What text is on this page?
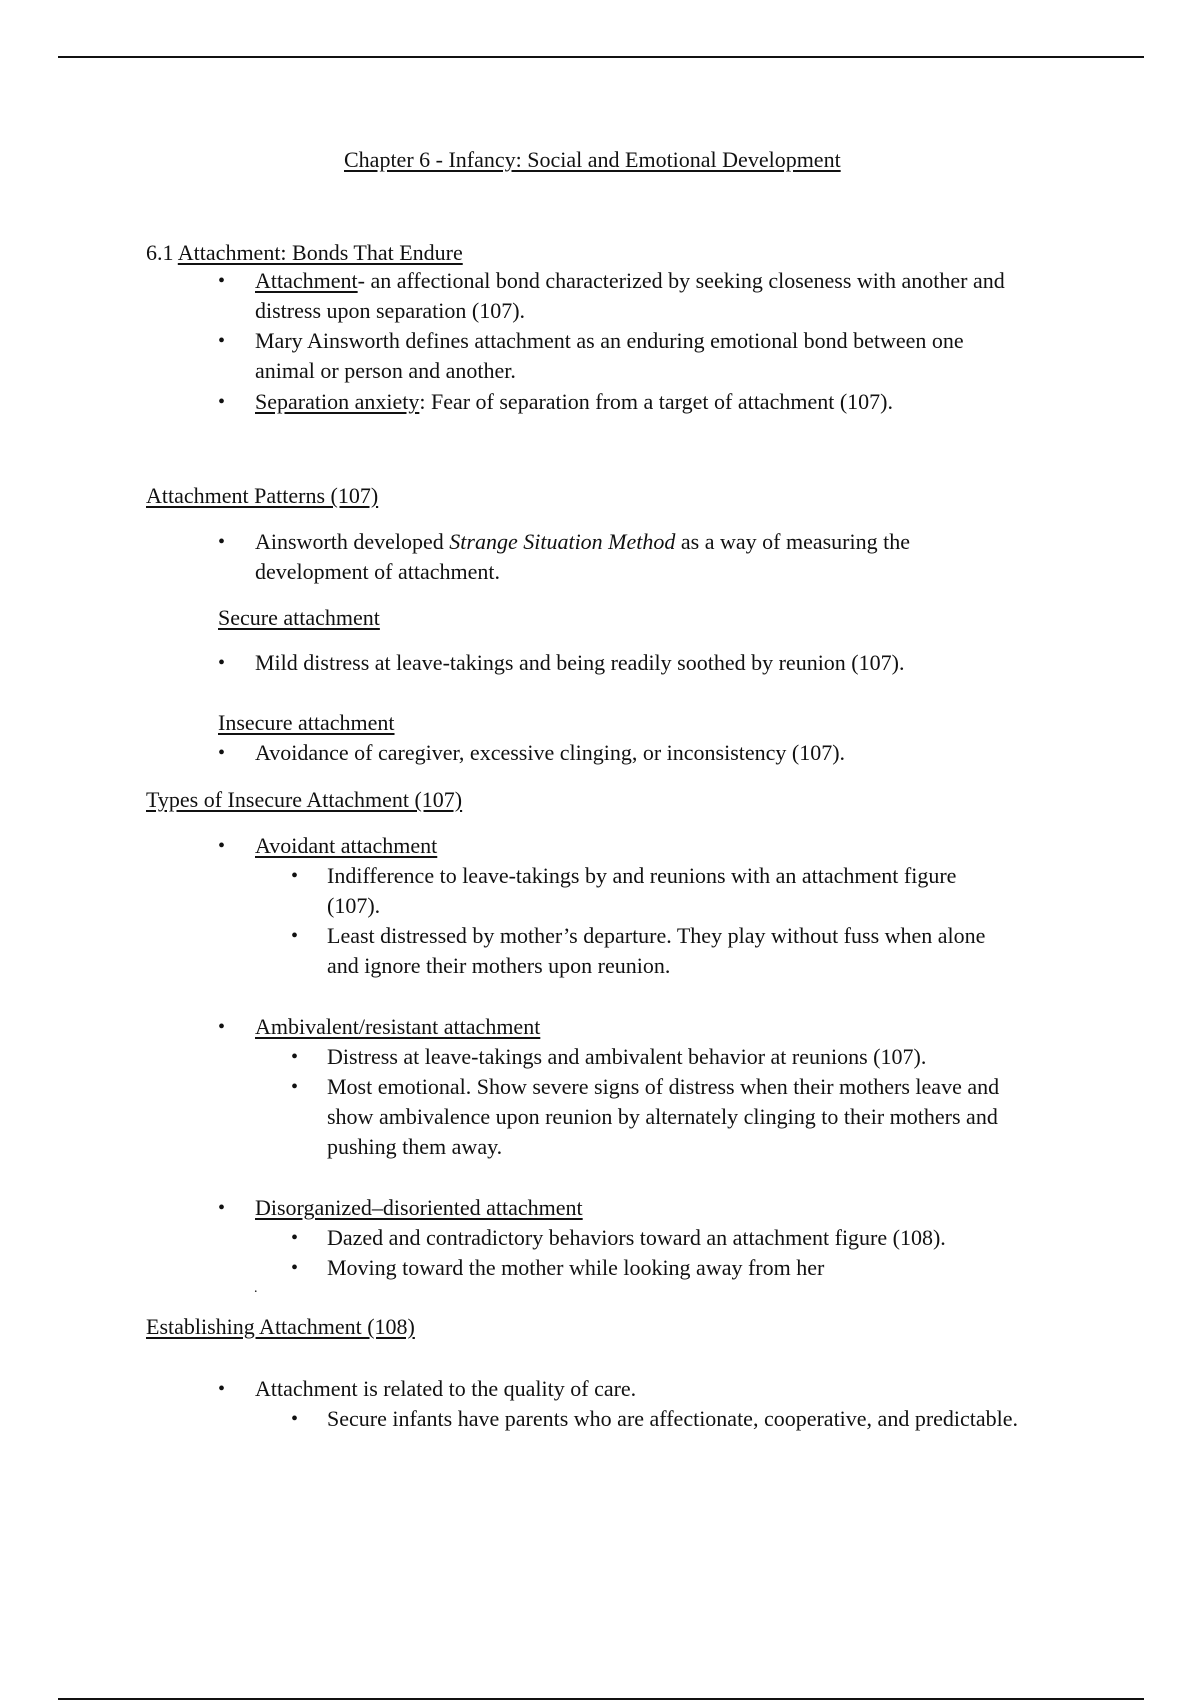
Chapter 6 - Infancy: Social and Emotional Development
6.1 Attachment: Bonds That Endure
• Attachment- an affectional bond characterized by seeking closeness with another and
distress upon separation (107).
• Mary Ainsworth defines attachment as an enduring emotional bond between one
animal or person and another.
• Separation anxiety: Fear of separation from a target of attachment (107).
Attachment Patterns (107)
• Ainsworth developed Strange Situation Method as a way of measuring the
development of attachment.
Secure attachment
• Mild distress at leave-takings and being readily soothed by reunion (107).
Insecure attachment
• Avoidance of caregiver, excessive clinging, or inconsistency (107).
Types of Insecure Attachment (107)
• Avoidant attachment
• Indifference to leave-takings by and reunions with an attachment figure
(107).
• Least distressed by mother’s departure. They play without fuss when alone
and ignore their mothers upon reunion.
• Ambivalent/resistant attachment
• Distress at leave-takings and ambivalent behavior at reunions (107).
• Most emotional. Show severe signs of distress when their mothers leave and
show ambivalence upon reunion by alternately clinging to their mothers and
pushing them away.
• Disorganized–disoriented attachment
• Dazed and contradictory behaviors toward an attachment figure (108).
• Moving toward the mother while looking away from her
.
Establishing Attachment (108)
• Attachment is related to the quality of care.
• Secure infants have parents who are affectionate, cooperative, and predictable.
